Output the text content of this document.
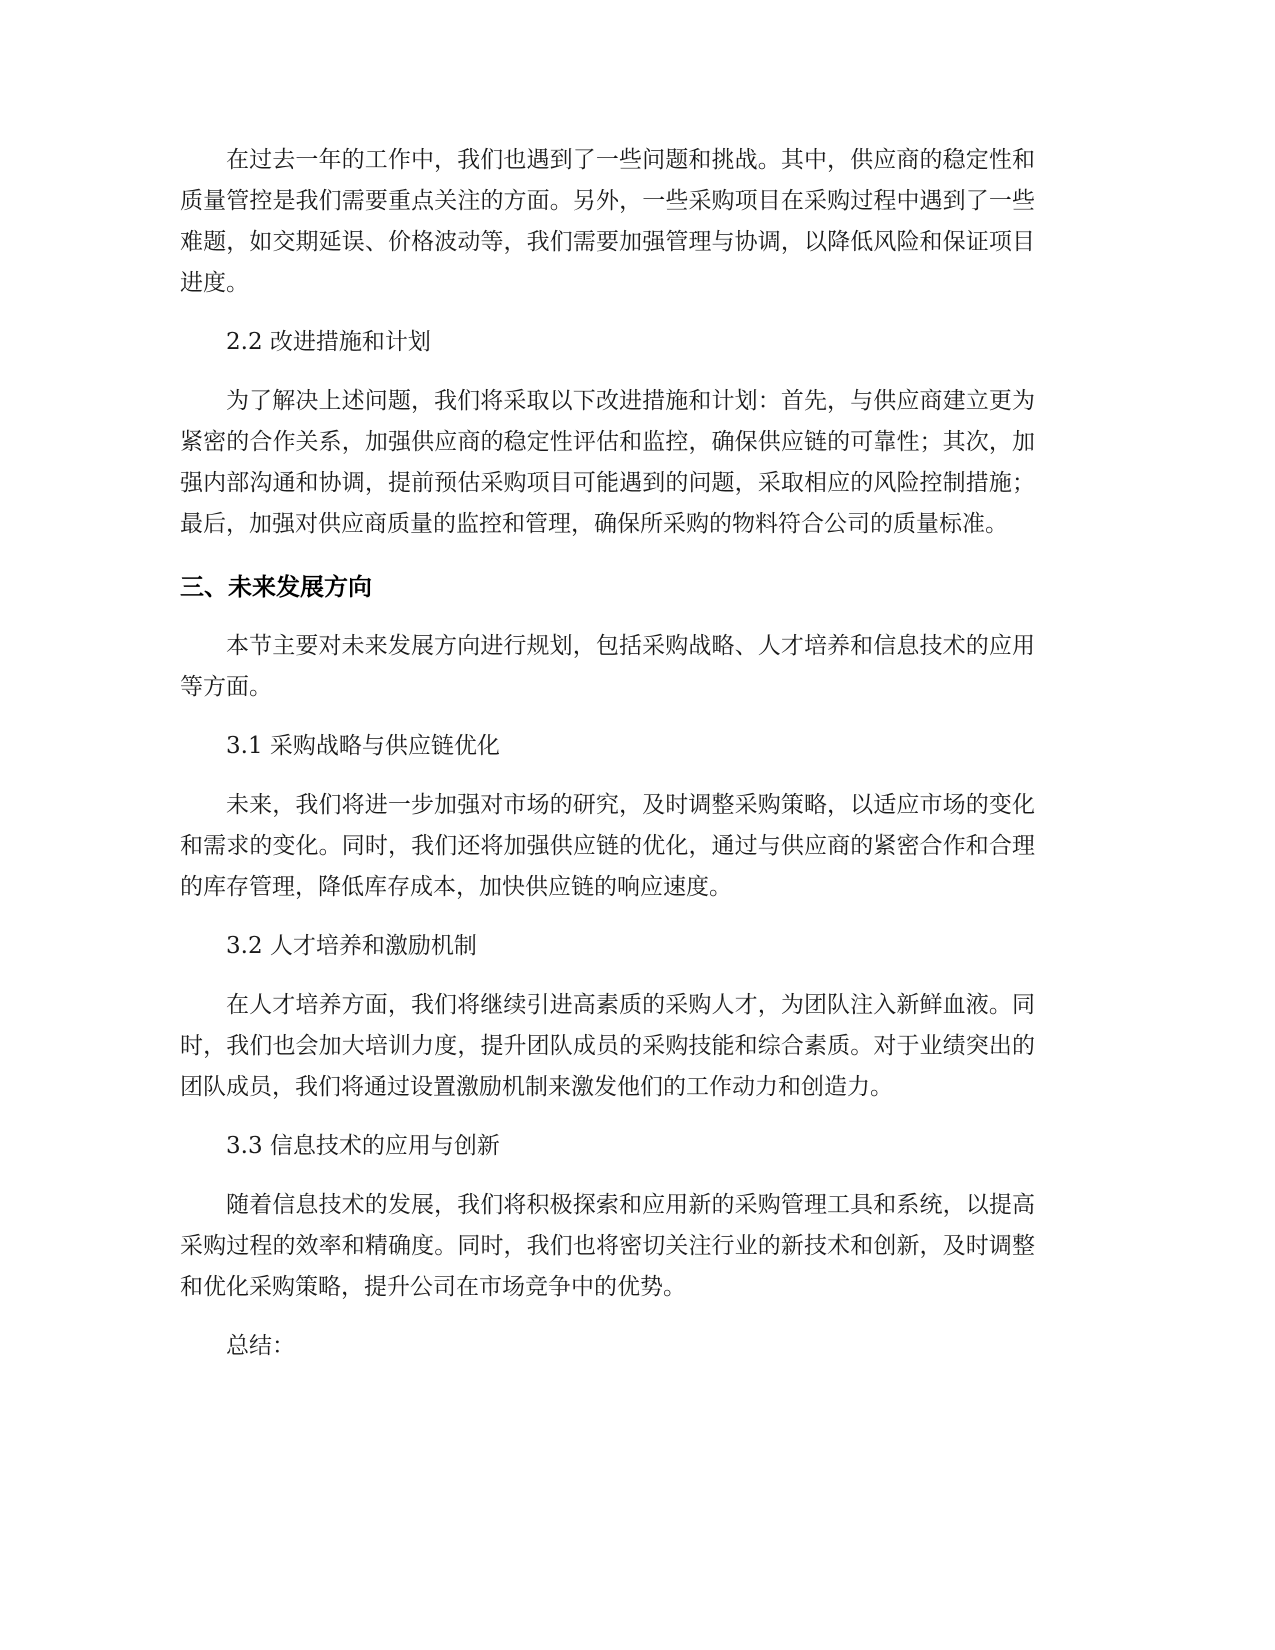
在过去一年的工作中，我们也遇到了一些问题和挑战。其中，供应商的稳定性和质量管控是我们需要重点关注的方面。另外，一些采购项目在采购过程中遇到了一些难题，如交期延误、价格波动等，我们需要加强管理与协调，以降低风险和保证项目进度。

2.2 改进措施和计划

为了解决上述问题，我们将采取以下改进措施和计划：首先，与供应商建立更为紧密的合作关系，加强供应商的稳定性评估和监控，确保供应链的可靠性；其次，加强内部沟通和协调，提前预估采购项目可能遇到的问题，采取相应的风险控制措施；最后，加强对供应商质量的监控和管理，确保所采购的物料符合公司的质量标准。

三、未来发展方向

本节主要对未来发展方向进行规划，包括采购战略、人才培养和信息技术的应用等方面。

3.1 采购战略与供应链优化

未来，我们将进一步加强对市场的研究，及时调整采购策略，以适应市场的变化和需求的变化。同时，我们还将加强供应链的优化，通过与供应商的紧密合作和合理的库存管理，降低库存成本，加快供应链的响应速度。

3.2 人才培养和激励机制

在人才培养方面，我们将继续引进高素质的采购人才，为团队注入新鲜血液。同时，我们也会加大培训力度，提升团队成员的采购技能和综合素质。对于业绩突出的团队成员，我们将通过设置激励机制来激发他们的工作动力和创造力。

3.3 信息技术的应用与创新

随着信息技术的发展，我们将积极探索和应用新的采购管理工具和系统，以提高采购过程的效率和精确度。同时，我们也将密切关注行业的新技术和创新，及时调整和优化采购策略，提升公司在市场竞争中的优势。

总结：
